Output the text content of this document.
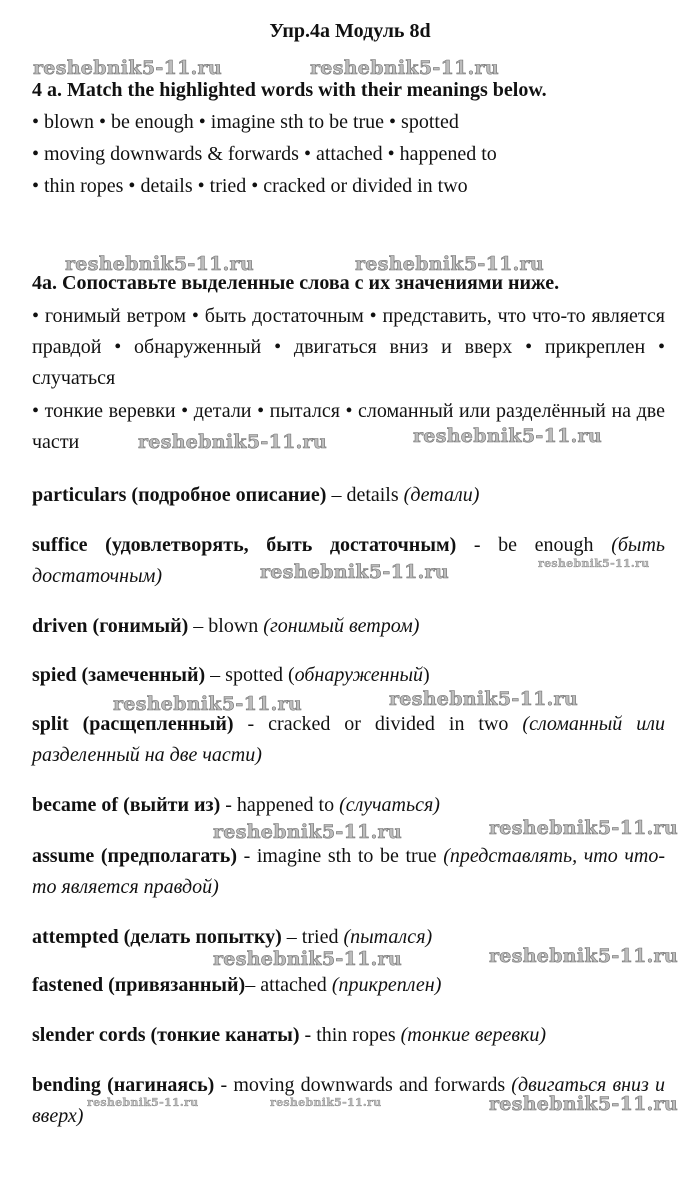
Упр.4а Модуль 8d
4 a. Match the highlighted words with their meanings below.
• blown • be enough • imagine sth to be true • spotted
• moving downwards & forwards • attached • happened to
• thin ropes • details • tried • cracked or divided in two
4a. Сопоставьте выделенные слова с их значениями ниже.
• гонимый ветром • быть достаточным • представить, что что-то является правдой • обнаруженный • двигаться вниз и вверх • прикреплен • случаться
• тонкие веревки • детали • пытался • сломанный или разделённый на две части
particulars (подробное описание) – details (детали)
suffice (удовлетворять, быть достаточным) - be enough (быть достаточным)
driven (гонимый) – blown (гонимый ветром)
spied (замеченный) – spotted (обнаруженный)
split (расщепленный) - cracked or divided in two (сломанный или разделенный на две части)
became of (выйти из) - happened to (случаться)
assume (предполагать) - imagine sth to be true (представлять, что что-то является правдой)
attempted (делать попытку) – tried (пытался)
fastened (привязанный)– attached (прикреплен)
slender cords (тонкие канаты) - thin ropes (тонкие веревки)
bending (нагинаясь) - moving downwards and forwards (двигаться вниз и вверх)
reshebnik5-11.ru	reshebnik5-11.ru
reshebnik5-11.ru	reshebnik5-11.ru
reshebnik5-11.ru	reshebnik5-11.ru
reshebnik5-11.ru	reshebnik5-11.ru
reshebnik5-11.ru	reshebnik5-11.ru
reshebnik5-11.ru	reshebnik5-11.ru
reshebnik5-11.ru	reshebnik5-11.ru
reshebnik5-11.ru	reshebnik5-11.ru	reshebnik5-11.ru
